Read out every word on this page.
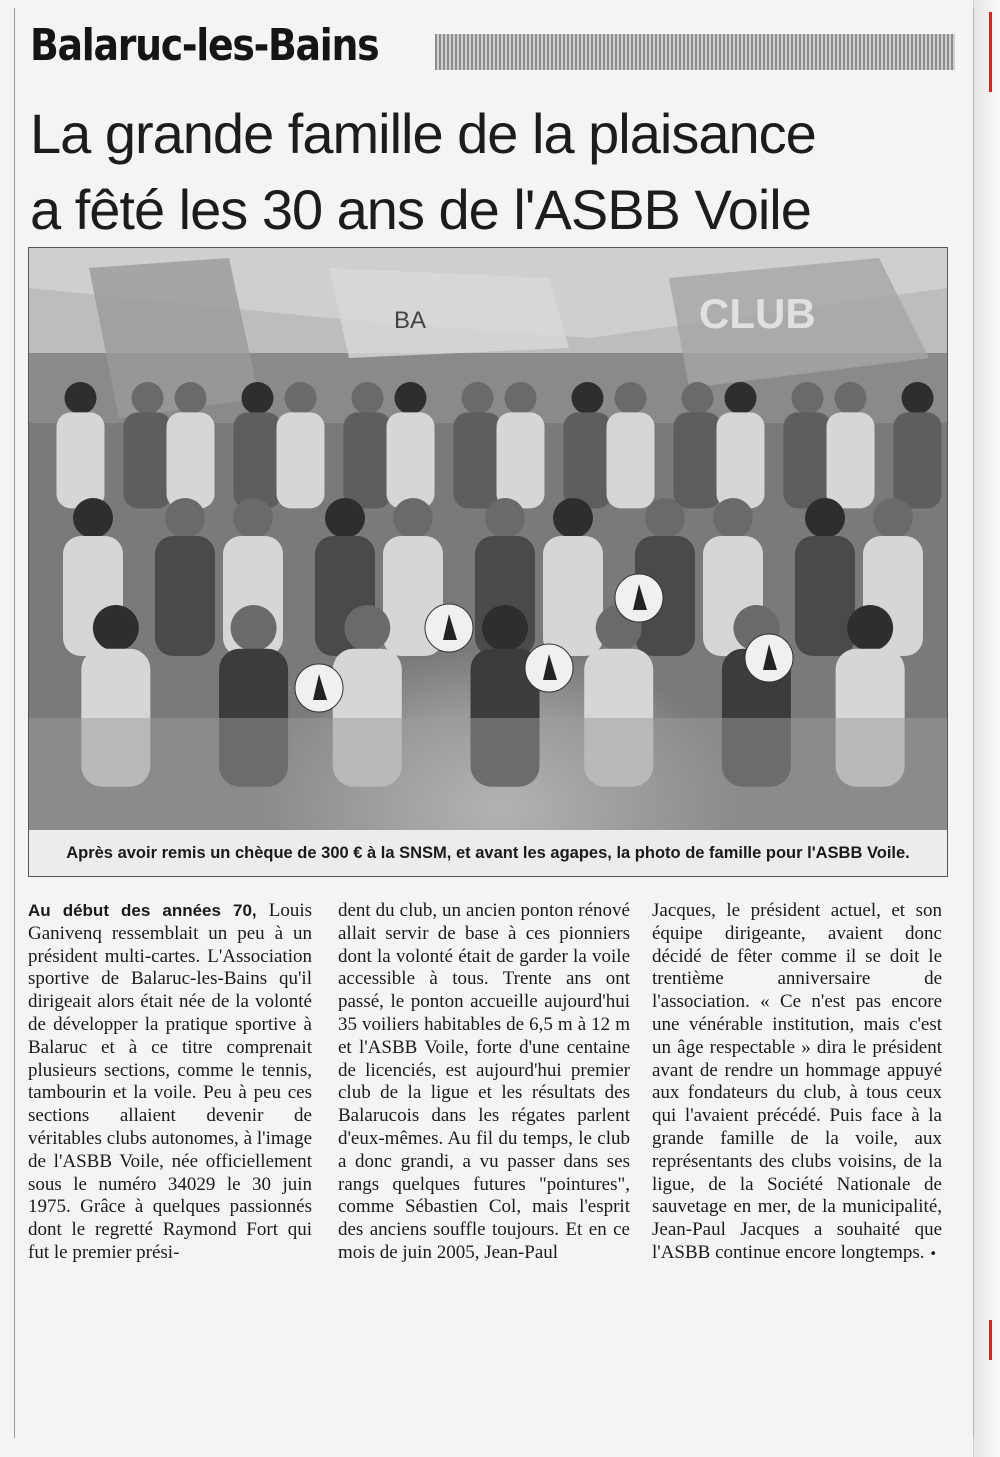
Balaruc-les-Bains
La grande famille de la plaisance
a fêté les 30 ans de l'ASBB Voile
CLUB
BA
Après avoir remis un chèque de 300 € à la SNSM, et avant les agapes, la photo de famille pour l'ASBB Voile.

Au début des années 70, Louis Ganivenq ressemblait un peu à un président multi-cartes. L'Association sportive de Balaruc-les-Bains qu'il dirigeait alors était née de la volonté de développer la pratique sportive à Balaruc et à ce titre comprenait plusieurs sections, comme le tennis, tambourin et la voile. Peu à peu ces sections allaient devenir de véritables clubs autonomes, à l'image de l'ASBB Voile, née officiellement sous le numéro 34029 le 30 juin 1975. Grâce à quelques passionnés dont le regretté Raymond Fort qui fut le premier prési-

dent du club, un ancien ponton rénové allait servir de base à ces pionniers dont la volonté était de garder la voile accessible à tous. Trente ans ont passé, le ponton accueille aujourd'hui 35 voiliers habitables de 6,5 m à 12 m et l'ASBB Voile, forte d'une centaine de licenciés, est aujourd'hui premier club de la ligue et les résultats des Balarucois dans les régates parlent d'eux-mêmes. Au fil du temps, le club a donc grandi, a vu passer dans ses rangs quelques futures "pointures", comme Sébastien Col, mais l'esprit des anciens souffle toujours. Et en ce mois de juin 2005, Jean-Paul

Jacques, le président actuel, et son équipe dirigeante, avaient donc décidé de fêter comme il se doit le trentième anniversaire de l'association. « Ce n'est pas encore une vénérable institution, mais c'est un âge respectable » dira le président avant de rendre un hommage appuyé aux fondateurs du club, à tous ceux qui l'avaient précédé. Puis face à la grande famille de la voile, aux représentants des clubs voisins, de la ligue, de la Société Nationale de sauvetage en mer, de la municipalité, Jean-Paul Jacques a souhaité que l'ASBB continue encore longtemps. •
